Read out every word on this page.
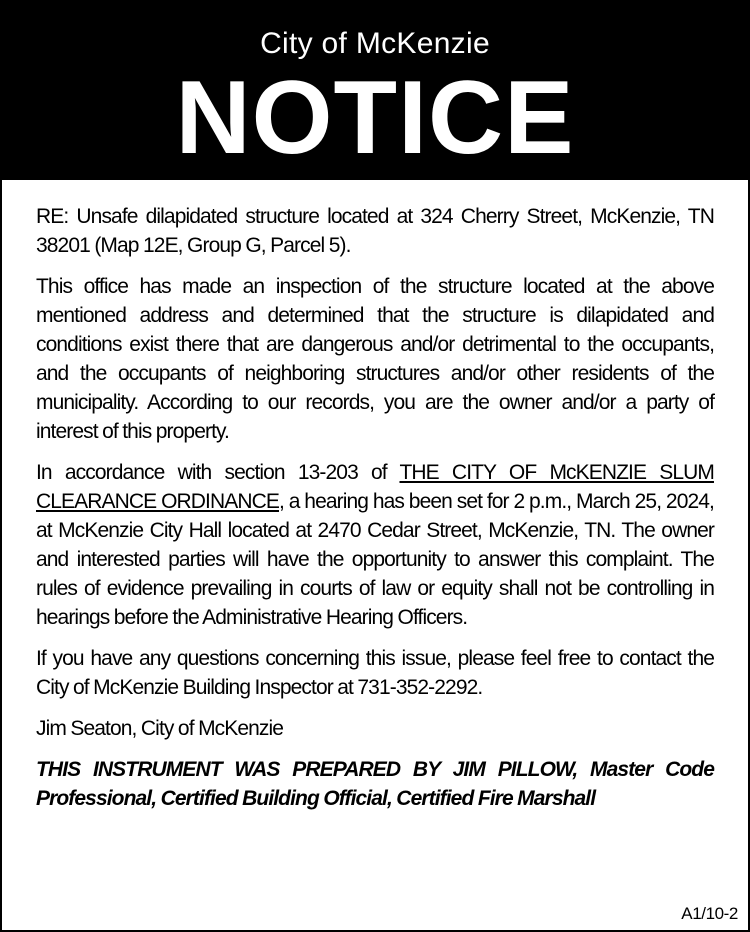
City of McKenzie
NOTICE

RE: Unsafe dilapidated structure located at 324 Cherry Street, McKenzie, TN 38201 (Map 12E, Group G, Parcel 5).

This office has made an inspection of the structure located at the above mentioned address and determined that the structure is dilapidated and conditions exist there that are dangerous and/or detrimental to the occupants, and the occupants of neighboring structures and/or other residents of the municipality. According to our records, you are the owner and/or a party of interest of this property.

In accordance with section 13-203 of THE CITY OF McKENZIE SLUM CLEARANCE ORDINANCE, a hearing has been set for 2 p.m., March 25, 2024, at McKenzie City Hall located at 2470 Cedar Street, McKenzie, TN. The owner and interested parties will have the opportunity to answer this complaint. The rules of evidence prevailing in courts of law or equity shall not be controlling in hearings before the Administrative Hearing Officers.

If you have any questions concerning this issue, please feel free to contact the City of McKenzie Building Inspector at 731-352-2292.

Jim Seaton, City of McKenzie

THIS INSTRUMENT WAS PREPARED BY JIM PILLOW, Master Code Professional, Certified Building Official, Certified Fire Marshall

A1/10-2
